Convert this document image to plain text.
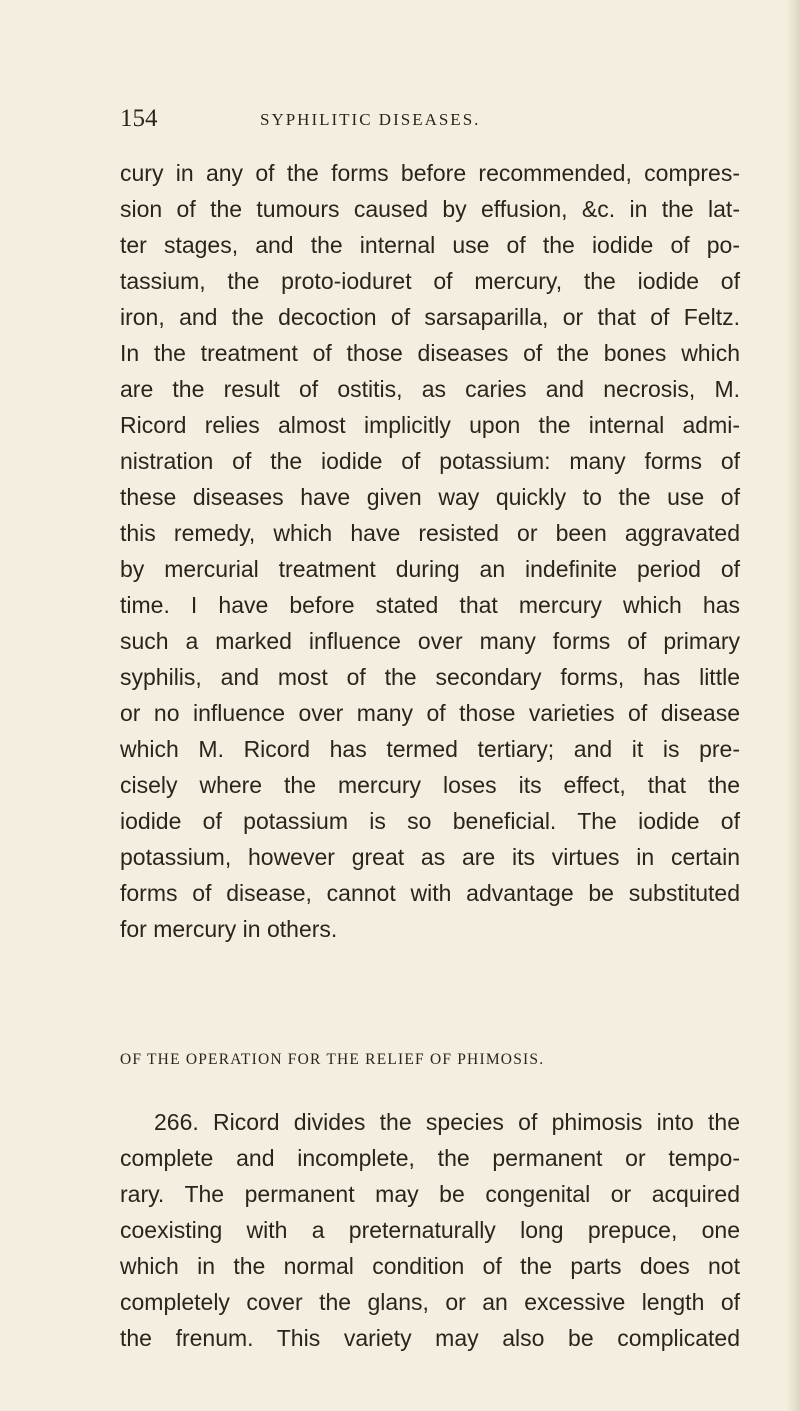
154	SYPHILITIC DISEASES.
cury in any of the forms before recommended, compres-
sion of the tumours caused by effusion, &c. in the lat-
ter stages, and the internal use of the iodide of po-
tassium, the proto-ioduret of mercury, the iodide of
iron, and the decoction of sarsaparilla, or that of Feltz.
In the treatment of those diseases of the bones which
are the result of ostitis, as caries and necrosis, M.
Ricord relies almost implicitly upon the internal admi-
nistration of the iodide of potassium: many forms of
these diseases have given way quickly to the use of
this remedy, which have resisted or been aggravated
by mercurial treatment during an indefinite period of
time. I have before stated that mercury which has
such a marked influence over many forms of primary
syphilis, and most of the secondary forms, has little
or no influence over many of those varieties of disease
which M. Ricord has termed tertiary; and it is pre-
cisely where the mercury loses its effect, that the
iodide of potassium is so beneficial. The iodide of
potassium, however great as are its virtues in certain
forms of disease, cannot with advantage be substituted
for mercury in others.
OF THE OPERATION FOR THE RELIEF OF PHIMOSIS.
266. Ricord divides the species of phimosis into the
complete and incomplete, the permanent or tempo-
rary. The permanent may be congenital or acquired
coexisting with a preternaturally long prepuce, one
which in the normal condition of the parts does not
completely cover the glans, or an excessive length of
the frenum. This variety may also be complicated
